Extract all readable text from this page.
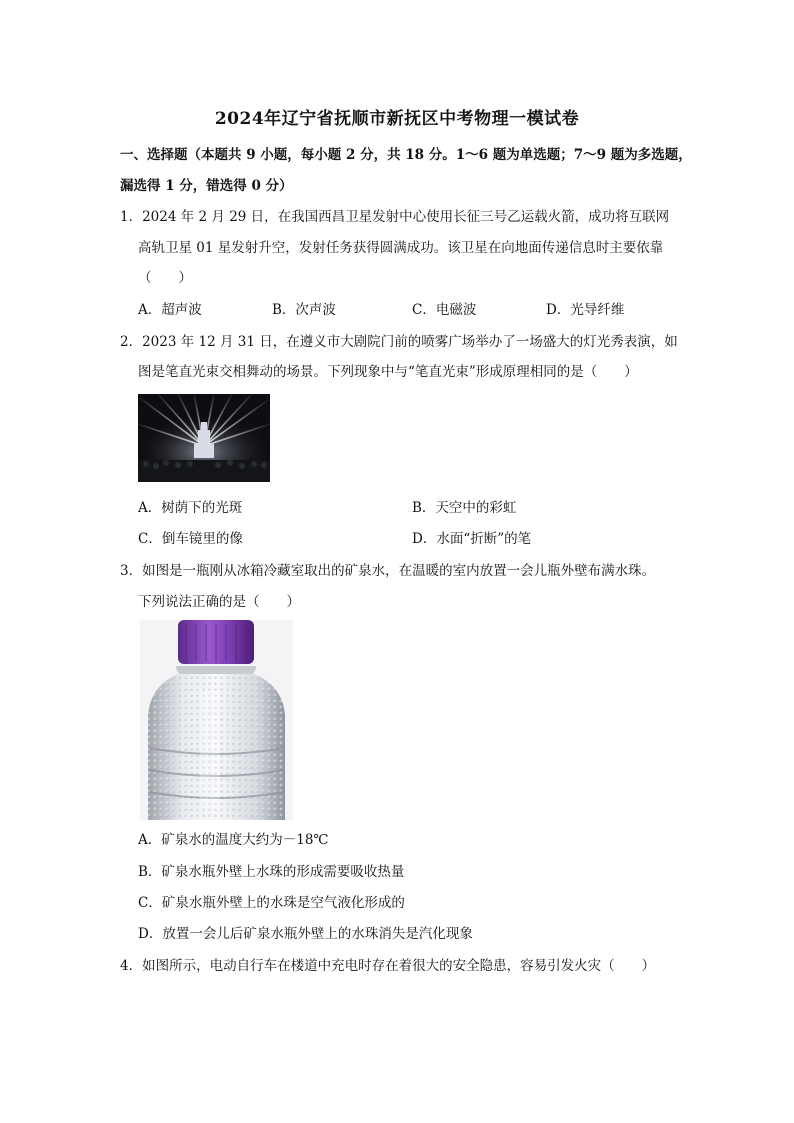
2024年辽宁省抚顺市新抚区中考物理一模试卷
一、选择题（本题共 9 小题，每小题 2 分，共 18 分。1～6 题为单选题；7～9 题为多选题，
漏选得 1 分，错选得 0 分）
1．2024 年 2 月 29 日，在我国西昌卫星发射中心使用长征三号乙运载火箭，成功将互联网
高轨卫星 01 星发射升空，发射任务获得圆满成功。该卫星在向地面传递信息时主要依靠
（　　）
A．超声波	B．次声波	C．电磁波	D．光导纤维
2．2023 年 12 月 31 日，在遵义市大剧院门前的喷雾广场举办了一场盛大的灯光秀表演，如
图是笔直光束交相舞动的场景。下列现象中与“笔直光束”形成原理相同的是（　　）
A．树荫下的光斑	B．天空中的彩虹
C．倒车镜里的像	D．水面“折断”的笔
3．如图是一瓶刚从冰箱冷藏室取出的矿泉水，在温暖的室内放置一会儿瓶外壁布满水珠。
下列说法正确的是（　　）
A．矿泉水的温度大约为－18℃
B．矿泉水瓶外壁上水珠的形成需要吸收热量
C．矿泉水瓶外壁上的水珠是空气液化形成的
D．放置一会儿后矿泉水瓶外壁上的水珠消失是汽化现象
4．如图所示，电动自行车在楼道中充电时存在着很大的安全隐患，容易引发火灾（　　）
